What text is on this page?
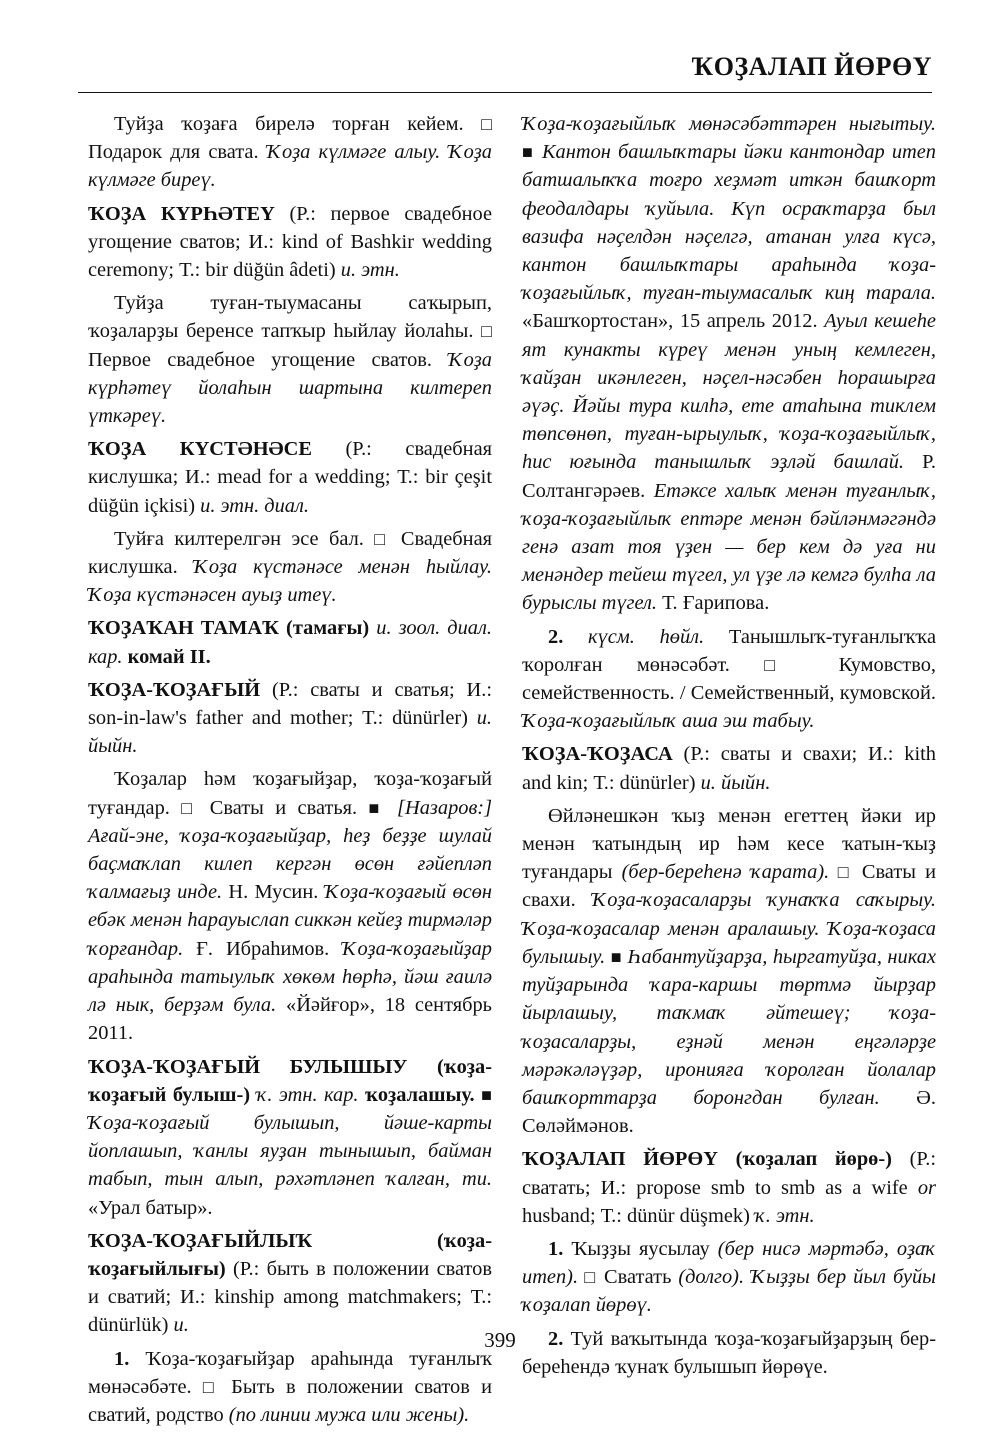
ҠОҘАЛАП ЙӨРӨҮ

Туйҙа ҡоҙаға бирелә торған кейем. □ Подарок для свата. Ҡоҙа күлмәге алыу. Ҡоҙа күлмәге биреү.

ҠОҘА КҮРҺӘТЕҮ (Р.: первое свадебное угощение сватов; И.: kind of Bashkir wedding ceremony; Т.: bir düğün âdeti) и. этн.

Туйҙа туған-тыумасаны саҡырып, ҡоҙаларҙы беренсе тапҡыр һыйлау йолаһы. □ Первое свадебное угощение сватов. Ҡоҙа күрһәтеү йолаһын шартына килтереп үткәреү.

ҠОҘА КҮСТӘНӘСЕ (Р.: свадебная кислушка; И.: mead for a wedding; Т.: bir çeşit düğün içkisi) и. этн. диал.

Туйға килтерелгән эсе бал. □ Свадебная кислушка. Ҡоҙа күстәнәсе менән һыйлау. Ҡоҙа күстәнәсен ауыҙ итеү.

ҠОҘАҠАН ТАМАҠ (тамағы) и. зоол. диал. кар. комай II.

ҠОҘА-ҠОҘАҒЫЙ (Р.: сваты и сватья; И.: son-in-law's father and mother; Т.: dünürler) и. йыйн.

Ҡоҙалар һәм ҡоҙағыйҙар, ҡоҙа-ҡоҙағый туғандар. □ Сваты и сватья. ■ [Назаров:] Ағай-эне, ҡоҙа-ҡоҙағыйҙар, һеҙ беҙҙе шулай баҫмаҡлап килеп кергән өсөн ғәйепләп ҡалмағыҙ инде. Н. Мусин. Ҡоҙа-ҡоҙағый өсөн ебәк менән һарауыслап сиккән кейеҙ тирмәләр ҡорғандар. Ғ. Ибраһимов. Ҡоҙа-ҡоҙағыйҙар араһында татыулыҡ хөкөм һөрһә, йәш ғаилә лә нык, берҙәм була. «Йәйғор», 18 сентябрь 2011.

ҠОҘА-ҠОҘАҒЫЙ БУЛЫШЫУ (ҡоҙа-ҡоҙағый булыш-) ҡ. этн. кар. ҡоҙалашыу. ■ Ҡоҙа-ҡоҙағый булышып, йәше-карты йоплашып, ҡанлы яуҙан тынышып, байман табып, тын алып, рәхәтләнеп ҡалған, ти. «Урал батыр».

ҠОҘА-ҠОҘАҒЫЙЛЫҠ (ҡоҙа-ҡоҙағыйлығы) (Р.: быть в положении сватов и сватий; И.: kinship among matchmakers; Т.: dünürlük) и.

1. Ҡоҙа-ҡоҙағыйҙар араһында туғанлыҡ мөнәсәбәте. □ Быть в положении сватов и сватий, родство (по линии мужа или жены).

Ҡоҙа-ҡоҙағыйлыҡ мөнәсәбәттәрен нығытыу. ■ Кантон башлыҡтары йәки кантондар итеп батшалыҡҡа тоғро хеҙмәт иткән башҡорт феодалдары ҡуйыла. Күп осраҡтарҙа был вазифа нәҫелдән нәҫелгә, атанан улға күсә, кантон башлыҡтары араһында ҡоҙа-ҡоҙағыйлыҡ, туған-тыумасалыҡ киң тарала. «Башҡортостан», 15 апрель 2012. Ауыл кешеһе ят кунакты күреү менән уның кемлеген, ҡайҙан икәнлеген, нәҫел-нәсәбен һорашырға әүәҫ. Йәйы тура килһә, ете атаһына тиклем төпсөнөп, туған-ырыулыҡ, ҡоҙа-ҡоҙағыйлыҡ, һис юғында танышлыҡ эҙләй башлай. Р. Солтангәрәев. Етәксе халыҡ менән туғанлыҡ, ҡоҙа-ҡоҙағыйлыҡ ептәре менән бәйләнмәгәндә генә азат тоя үҙен — бер кем дә уға ни менәндер тейеш түгел, ул үҙе лә кемгә булһа ла бурыслы түгел. Т. Ғарипова.

2. күсм. һөйл. Танышлыҡ-туғанлыҡҡа ҡоролған мөнәсәбәт. □ Кумовство, семейственность. / Семейственный, кумовской. Ҡоҙа-ҡоҙағыйлыҡ аша эш табыу.

ҠОҘА-ҠОҘАСА (Р.: сваты и свахи; И.: kith and kin; Т.: dünürler) и. йыйн.

Өйләнешкән ҡыҙ менән егеттең йәки ир менән ҡатындың ир һәм кесе ҡатын-ҡыҙ туғандары (бер-береһенә ҡарата). □ Сваты и свахи. Ҡоҙа-ҡоҙасаларҙы ҡунаҡҡа саҡырыу. Ҡоҙа-ҡоҙасалар менән аралашыу. Ҡоҙа-ҡоҙаса булышыу. ■ Һабантуйҙарҙа, һыргатуйҙа, никах туйҙарында ҡара-каршы төртмә йырҙар йырлашыу, таҡмаҡ әйтешеү; ҡоҙа-ҡоҙасаларҙы, еҙнәй менән еңгәләрҙе мәрәкәләүҙәр, иронияға ҡоролған йолалар башҡорттарҙа боронгдан булған. Ә. Сөләймәнов.

ҠОҘАЛАП ЙӨРӨҮ (ҡоҙалап йөрө-) (Р.: сватать; И.: propose smb to smb as a wife or husband; Т.: dünür düşmek) ҡ. этн.

1. Ҡыҙҙы яусылау (бер нисә мәртәбә, оҙаҡ итеп). □ Сватать (долго). Ҡыҙҙы бер йыл буйы ҡоҙалап йөрөү.

2. Туй ваҡытында ҡоҙа-ҡоҙағыйҙарҙың бер-береһендә ҡунаҡ булышып йөрөүе.

399
